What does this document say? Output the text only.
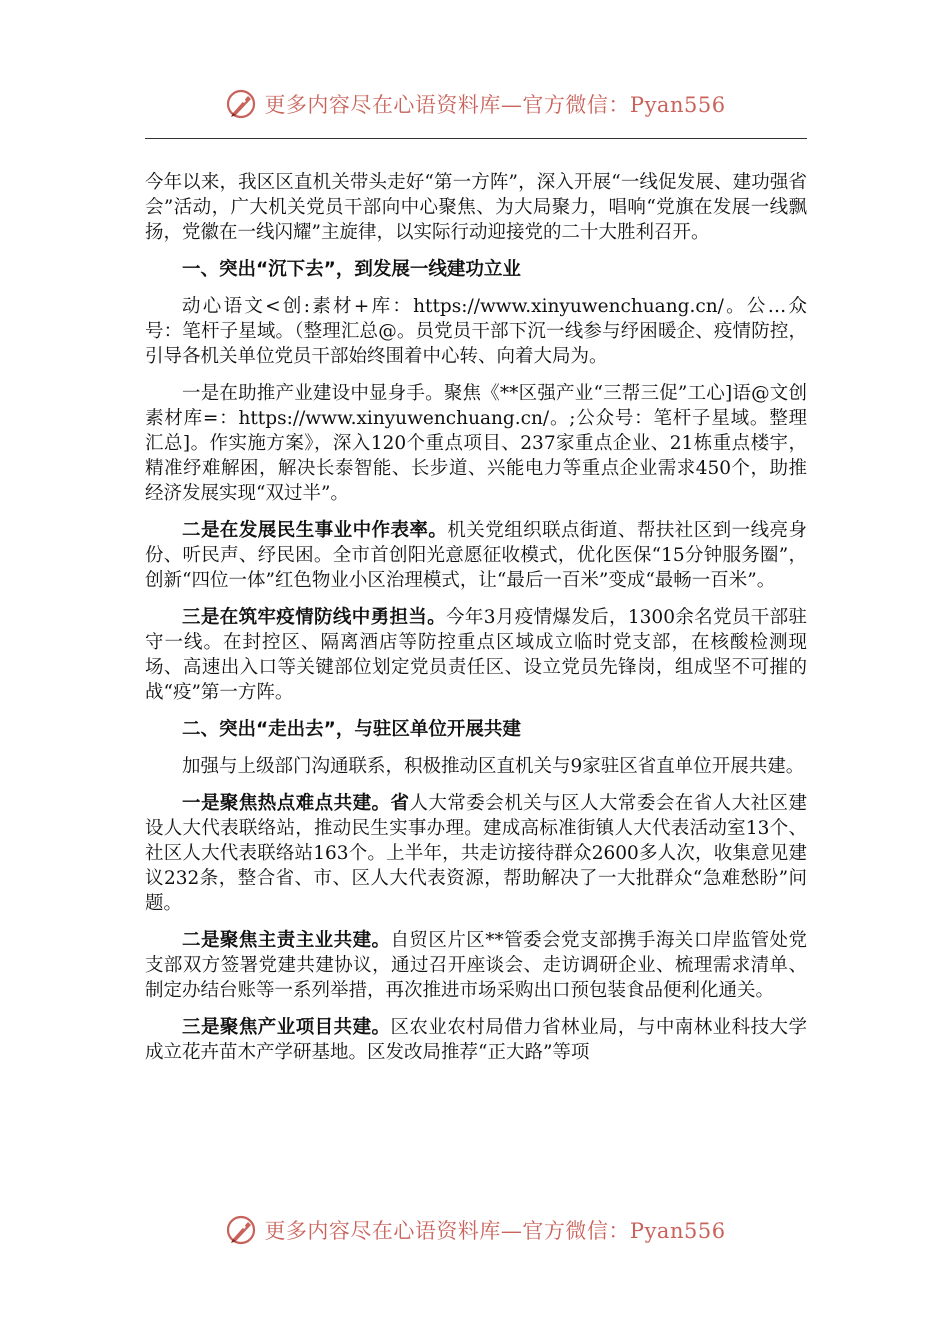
更多内容尽在心语资料库—官方微信：Pyan556

今年以来，我区区直机关带头走好“第一方阵”，深入开展“一线促发展、建功强省会”活动，广大机关党员干部向中心聚焦、为大局聚力，唱响“党旗在发展一线飘扬，党徽在一线闪耀”主旋律，以实际行动迎接党的二十大胜利召开。

一、突出“沉下去”，到发展一线建功立业

动心语文<创:素材+库：https://www.xinyuwenchuang.cn/。公…众号：笔杆子星域。（整理汇总@。员党员干部下沉一线参与纾困暖企、疫情防控，引导各机关单位党员干部始终围着中心转、向着大局为。

一是在助推产业建设中显身手。聚焦《**区强产业“三帮三促”工心]语@文创素材库=：https://www.xinyuwenchuang.cn/。;公众号：笔杆子星域。整理汇总]。作实施方案》，深入120个重点项目、237家重点企业、21栋重点楼宇，精准纾难解困，解决长泰智能、长步道、兴能电力等重点企业需求450个，助推经济发展实现“双过半”。

二是在发展民生事业中作表率。机关党组织联点街道、帮扶社区到一线亮身份、听民声、纾民困。全市首创阳光意愿征收模式，优化医保“15分钟服务圈”，创新“四位一体”红色物业小区治理模式，让“最后一百米”变成“最畅一百米”。

三是在筑牢疫情防线中勇担当。今年3月疫情爆发后，1300余名党员干部驻守一线。在封控区、隔离酒店等防控重点区域成立临时党支部，在核酸检测现场、高速出入口等关键部位划定党员责任区、设立党员先锋岗，组成坚不可摧的战“疫”第一方阵。

二、突出“走出去”，与驻区单位开展共建

加强与上级部门沟通联系，积极推动区直机关与9家驻区省直单位开展共建。

一是聚焦热点难点共建。省人大常委会机关与区人大常委会在省人大社区建设人大代表联络站，推动民生实事办理。建成高标准街镇人大代表活动室13个、社区人大代表联络站163个。上半年，共走访接待群众2600多人次，收集意见建议232条，整合省、市、区人大代表资源，帮助解决了一大批群众“急难愁盼”问题。

二是聚焦主责主业共建。自贸区片区**管委会党支部携手海关口岸监管处党支部双方签署党建共建协议，通过召开座谈会、走访调研企业、梳理需求清单、制定办结台账等一系列举措，再次推进市场采购出口预包装食品便利化通关。

三是聚焦产业项目共建。区农业农村局借力省林业局，与中南林业科技大学成立花卉苗木产学研基地。区发改局推荐“正大路”等项

更多内容尽在心语资料库—官方微信：Pyan556
